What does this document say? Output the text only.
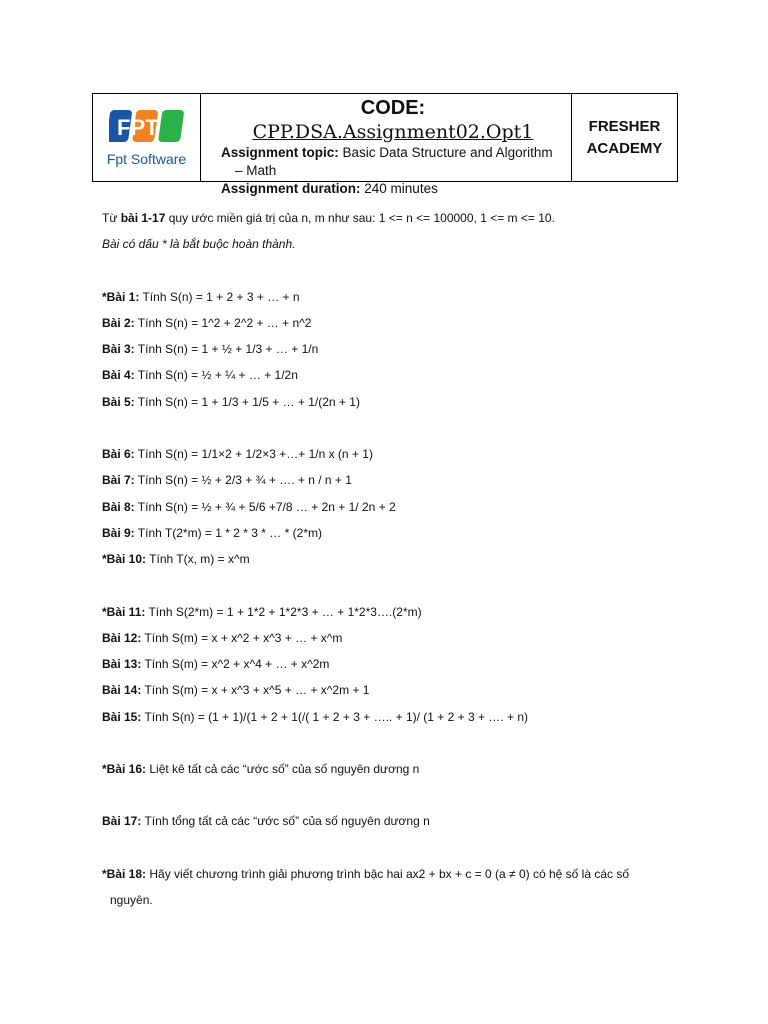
FPT
Fpt Software
CODE: CPP.DSA.Assignment02.Opt1
Assignment topic: Basic Data Structure and Algorithm
– Math
Assignment duration: 240 minutes
FRESHER
ACADEMY
Từ bài 1-17 quy ước miền giá trị của n, m như sau: 1 <= n <= 100000, 1 <= m <= 10.
Bài có dấu * là bắt buộc hoàn thành.
*Bài 1: Tính S(n) = 1 + 2 + 3 + … + n
Bài 2: Tính S(n) = 1^2 + 2^2 + … + n^2
Bài 3: Tính S(n) = 1 + ½ + 1/3 + … + 1/n
Bài 4: Tính S(n) = ½ + ¼ + … + 1/2n
Bài 5: Tính S(n) = 1 + 1/3 + 1/5 + … + 1/(2n + 1)
Bài 6: Tính S(n) = 1/1×2 + 1/2×3 +…+ 1/n x (n + 1)
Bài 7: Tính S(n) = ½ + 2/3 + ¾ + …. + n / n + 1
Bài 8: Tính S(n) = ½ + ¾ + 5/6 +7/8 … + 2n + 1/ 2n + 2
Bài 9: Tính T(2*m) = 1 * 2 * 3 * … * (2*m)
*Bài 10: Tính T(x, m) = x^m
*Bài 11: Tính S(2*m) = 1 + 1*2 + 1*2*3 + … + 1*2*3….(2*m)
Bài 12: Tính S(m) = x + x^2 + x^3 + … + x^m
Bài 13: Tính S(m) = x^2 + x^4 + … + x^2m
Bài 14: Tính S(m) = x + x^3 + x^5 + … + x^2m + 1
Bài 15: Tính S(n) = (1 + 1)/(1 + 2 + 1(/( 1 + 2 + 3 + ….. + 1)/ (1 + 2 + 3 + …. + n)
*Bài 16: Liệt kê tất cả các “ước số” của số nguyên dương n
Bài 17: Tính tổng tất cả các “ước số” của số nguyên dương n
*Bài 18: Hãy viết chương trình giải phương trình bậc hai ax2 + bx + c = 0 (a ≠ 0) có hệ số là các số
nguyên.
